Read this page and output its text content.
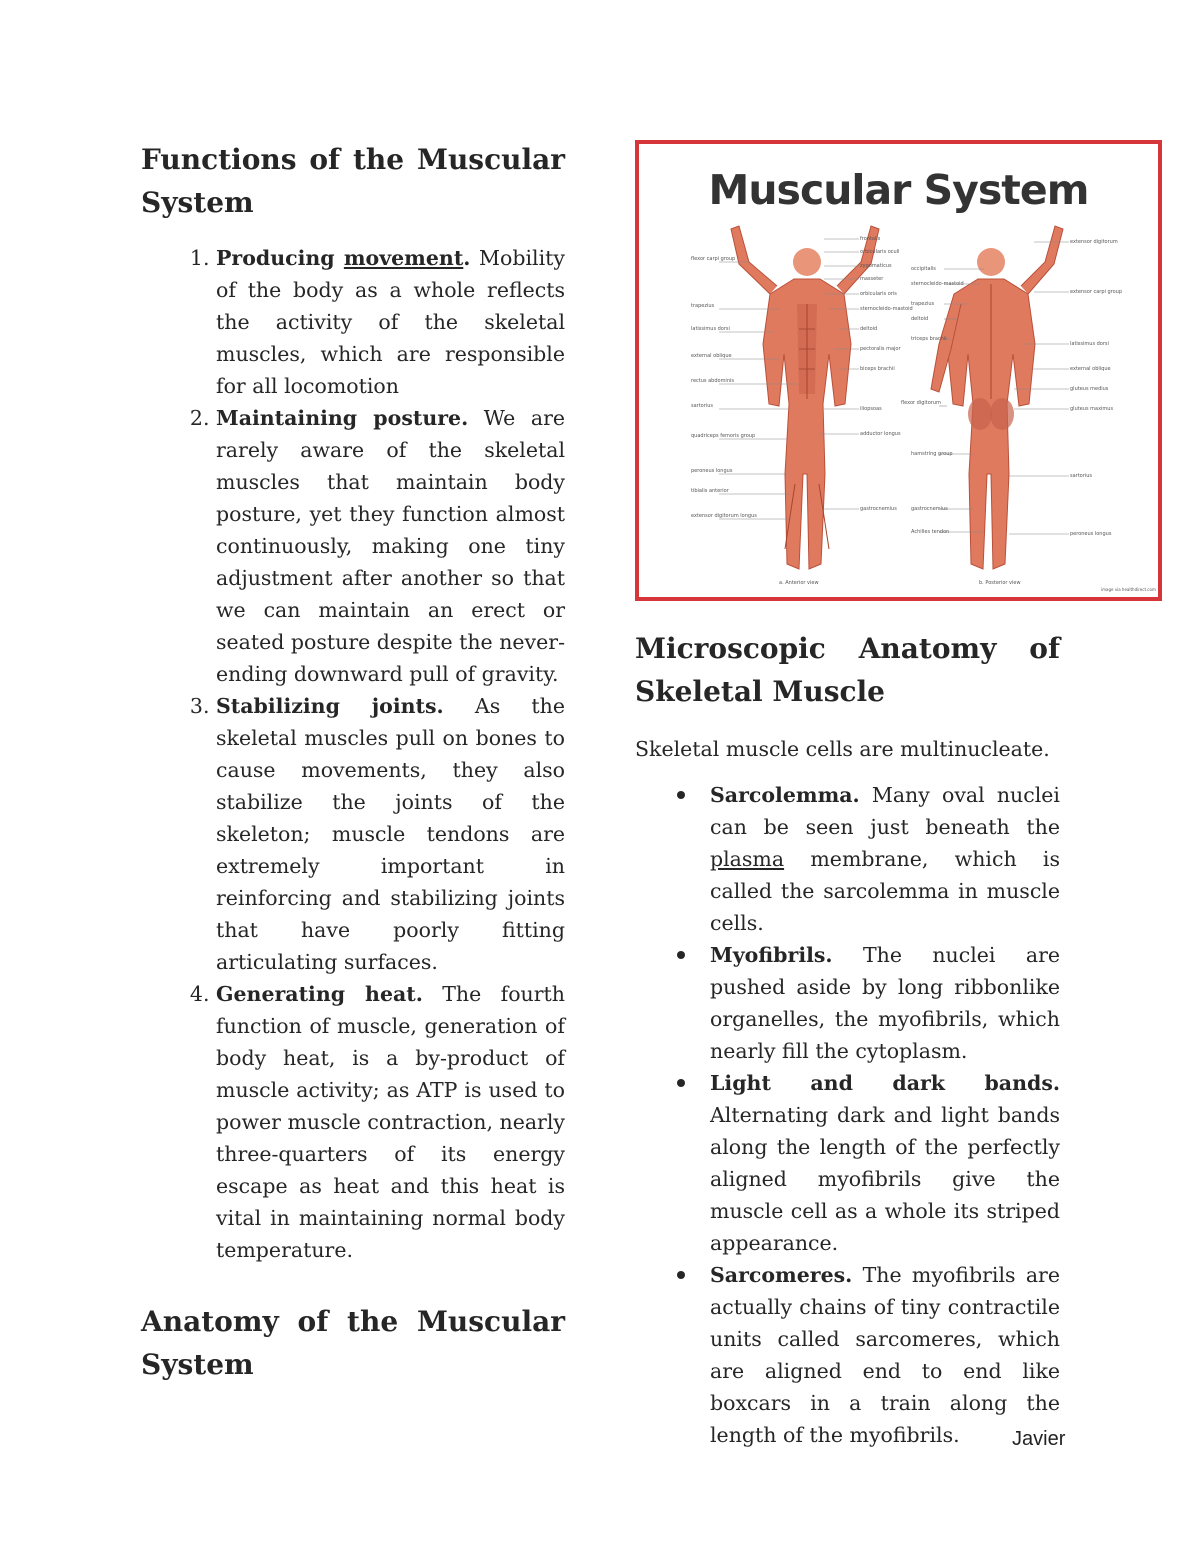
Functions of the Muscular
System
1. Producing movement. Mobility of the body as a whole reflects the activity of the skeletal muscles, which are responsible for all locomotion
2. Maintaining posture. We are rarely aware of the skeletal muscles that maintain body posture, yet they function almost continuously, making one tiny adjustment after another so that we can maintain an erect or seated posture despite the never-ending downward pull of gravity.
3. Stabilizing joints. As the skeletal muscles pull on bones to cause movements, they also stabilize the joints of the skeleton; muscle tendons are extremely important in reinforcing and stabilizing joints that have poorly fitting articulating surfaces.
4. Generating heat. The fourth function of muscle, generation of body heat, is a by-product of muscle activity; as ATP is used to power muscle contraction, nearly three-quarters of its energy escape as heat and this heat is vital in maintaining normal body temperature.
Anatomy of the Muscular
System
Muscular System
flexor carpi group
trapezius
latissimus dorsi
external oblique
rectus abdominis
sartorius
quadriceps femoris group
peroneus longus
tibialis anterior
extensor digitorum longus
frontalis
orbicularis oculi
zygomaticus
masseter
orbicularis oris
sternocleido-mastoid
deltoid
pectoralis major
biceps brachii
iliopsoas
adductor longus
gastrocnemius
occipitalis
sternocleido-mastoid
trapezius
deltoid
triceps brachii
flexor digitorum
hamstring group
gastrocnemius
Achilles tendon
extensor digitorum
extensor carpi group
latissimus dorsi
external oblique
gluteus medius
gluteus maximus
sartorius
peroneus longus
a. Anterior view	b. Posterior view
image via healthdirect.com
Microscopic Anatomy of
Skeletal Muscle

Skeletal muscle cells are multinucleate.

Sarcolemma. Many oval nuclei can be seen just beneath the plasma membrane, which is called the sarcolemma in muscle cells.
Myofibrils. The nuclei are pushed aside by long ribbonlike organelles, the myofibrils, which nearly fill the cytoplasm.
Light and dark bands. Alternating dark and light bands along the length of the perfectly aligned myofibrils give the muscle cell as a whole its striped appearance.
Sarcomeres. The myofibrils are actually chains of tiny contractile units called sarcomeres, which are aligned end to end like boxcars in a train along the length of the myofibrils.	Javier
